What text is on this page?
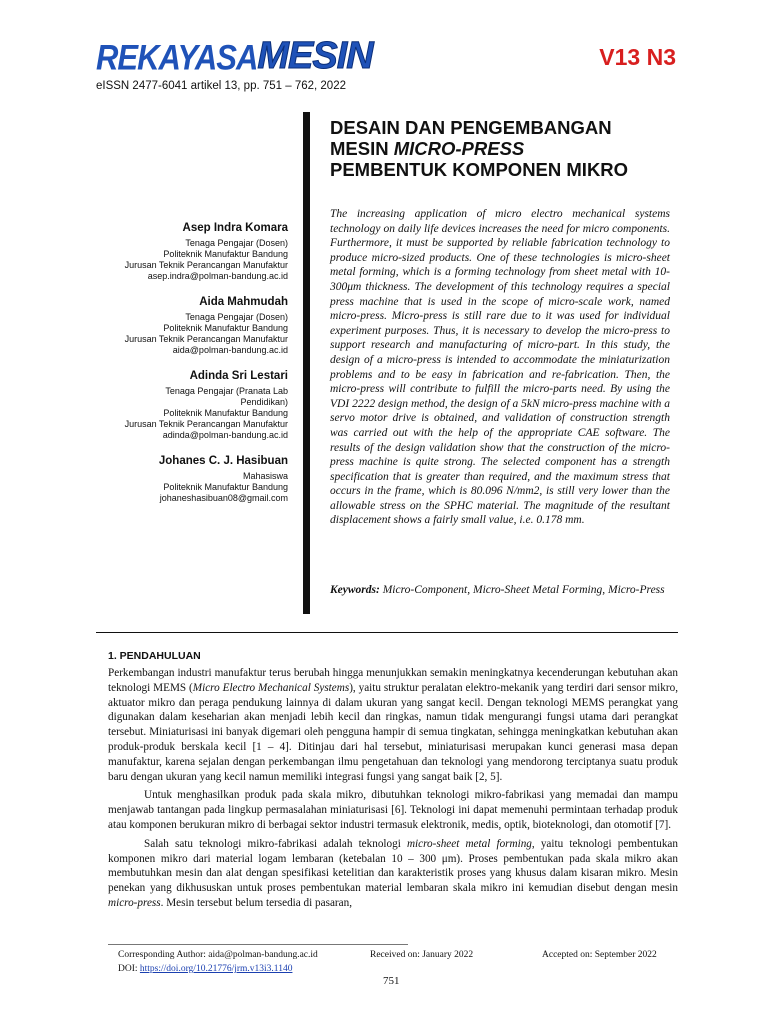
REKAYASAMESIN	V13 N3
eISSN 2477-6041 artikel 13, pp. 751 – 762, 2022
Asep Indra Komara
Tenaga Pengajar (Dosen)
Politeknik Manufaktur Bandung
Jurusan Teknik Perancangan Manufaktur
asep.indra@polman-bandung.ac.id
Aida Mahmudah
Tenaga Pengajar (Dosen)
Politeknik Manufaktur Bandung
Jurusan Teknik Perancangan Manufaktur
aida@polman-bandung.ac.id
Adinda Sri Lestari
Tenaga Pengajar (Pranata Lab
Pendidikan)
Politeknik Manufaktur Bandung
Jurusan Teknik Perancangan Manufaktur
adinda@polman-bandung.ac.id
Johanes C. J. Hasibuan
Mahasiswa
Politeknik Manufaktur Bandung
johaneshasibuan08@gmail.com
DESAIN DAN PENGEMBANGAN
MESIN MICRO-PRESS
PEMBENTUK KOMPONEN MIKRO
The increasing application of micro electro mechanical systems technology on daily life devices increases the need for micro components. Furthermore, it must be supported by reliable fabrication technology to produce micro-sized products. One of these technologies is micro-sheet metal forming, which is a forming technology from sheet metal with 10-300μm thickness. The development of this technology requires a special press machine that is used in the scope of micro-scale work, named micro-press. Micro-press is still rare due to it was used for individual experiment purposes. Thus, it is necessary to develop the micro-press to support research and manufacturing of micro-part. In this study, the design of a micro-press is intended to accommodate the miniaturization problems and to be easy in fabrication and re-fabrication. Then, the micro-press will contribute to fulfill the micro-parts need. By using the VDI 2222 design method, the design of a 5kN micro-press machine with a servo motor drive is obtained, and validation of construction strength was carried out with the help of the appropriate CAE software. The results of the design validation show that the construction of the micro-press machine is quite strong. The selected component has a strength specification that is greater than required, and the maximum stress that occurs in the frame, which is 80.096 N/mm2, is still very lower than the allowable stress on the SPHC material. The magnitude of the resultant displacement shows a fairly small value, i.e. 0.178 mm.
Keywords: Micro-Component, Micro-Sheet Metal Forming, Micro-Press
1. PENDAHULUAN

Perkembangan industri manufaktur terus berubah hingga menunjukkan semakin meningkatnya kecenderungan kebutuhan akan teknologi MEMS (Micro Electro Mechanical Systems), yaitu struktur peralatan elektro-mekanik yang terdiri dari sensor mikro, aktuator mikro dan peraga pendukung lainnya di dalam ukuran yang sangat kecil. Dengan teknologi MEMS perangkat yang digunakan dalam keseharian akan menjadi lebih kecil dan ringkas, namun tidak mengurangi fungsi utama dari perangkat tersebut. Miniaturisasi ini banyak digemari oleh pengguna hampir di semua tingkatan, sehingga meningkatkan kebutuhan akan produk-produk berskala kecil [1 – 4]. Ditinjau dari hal tersebut, miniaturisasi merupakan kunci generasi masa depan manufaktur, karena sejalan dengan perkembangan ilmu pengetahuan dan teknologi yang mendorong terciptanya suatu produk baru dengan ukuran yang kecil namun memiliki integrasi fungsi yang sangat baik [2, 5].

Untuk menghasilkan produk pada skala mikro, dibutuhkan teknologi mikro-fabrikasi yang memadai dan mampu menjawab tantangan pada lingkup permasalahan miniaturisasi [6]. Teknologi ini dapat memenuhi permintaan terhadap produk atau komponen berukuran mikro di berbagai sektor industri termasuk elektronik, medis, optik, bioteknologi, dan otomotif [7].

Salah satu teknologi mikro-fabrikasi adalah teknologi micro-sheet metal forming, yaitu teknologi pembentukan komponen mikro dari material logam lembaran (ketebalan 10 – 300 μm). Proses pembentukan pada skala mikro akan membutuhkan mesin dan alat dengan spesifikasi ketelitian dan karakteristik proses yang khusus dalam kisaran mikro. Mesin penekan yang dikhususkan untuk proses pembentukan material lembaran skala mikro ini kemudian disebut dengan mesin micro-press. Mesin tersebut belum tersedia di pasaran,

Corresponding Author: aida@polman-bandung.ac.id	Received on: January 2022	Accepted on: September 2022
DOI: https://doi.org/10.21776/jrm.v13i3.1140
751
